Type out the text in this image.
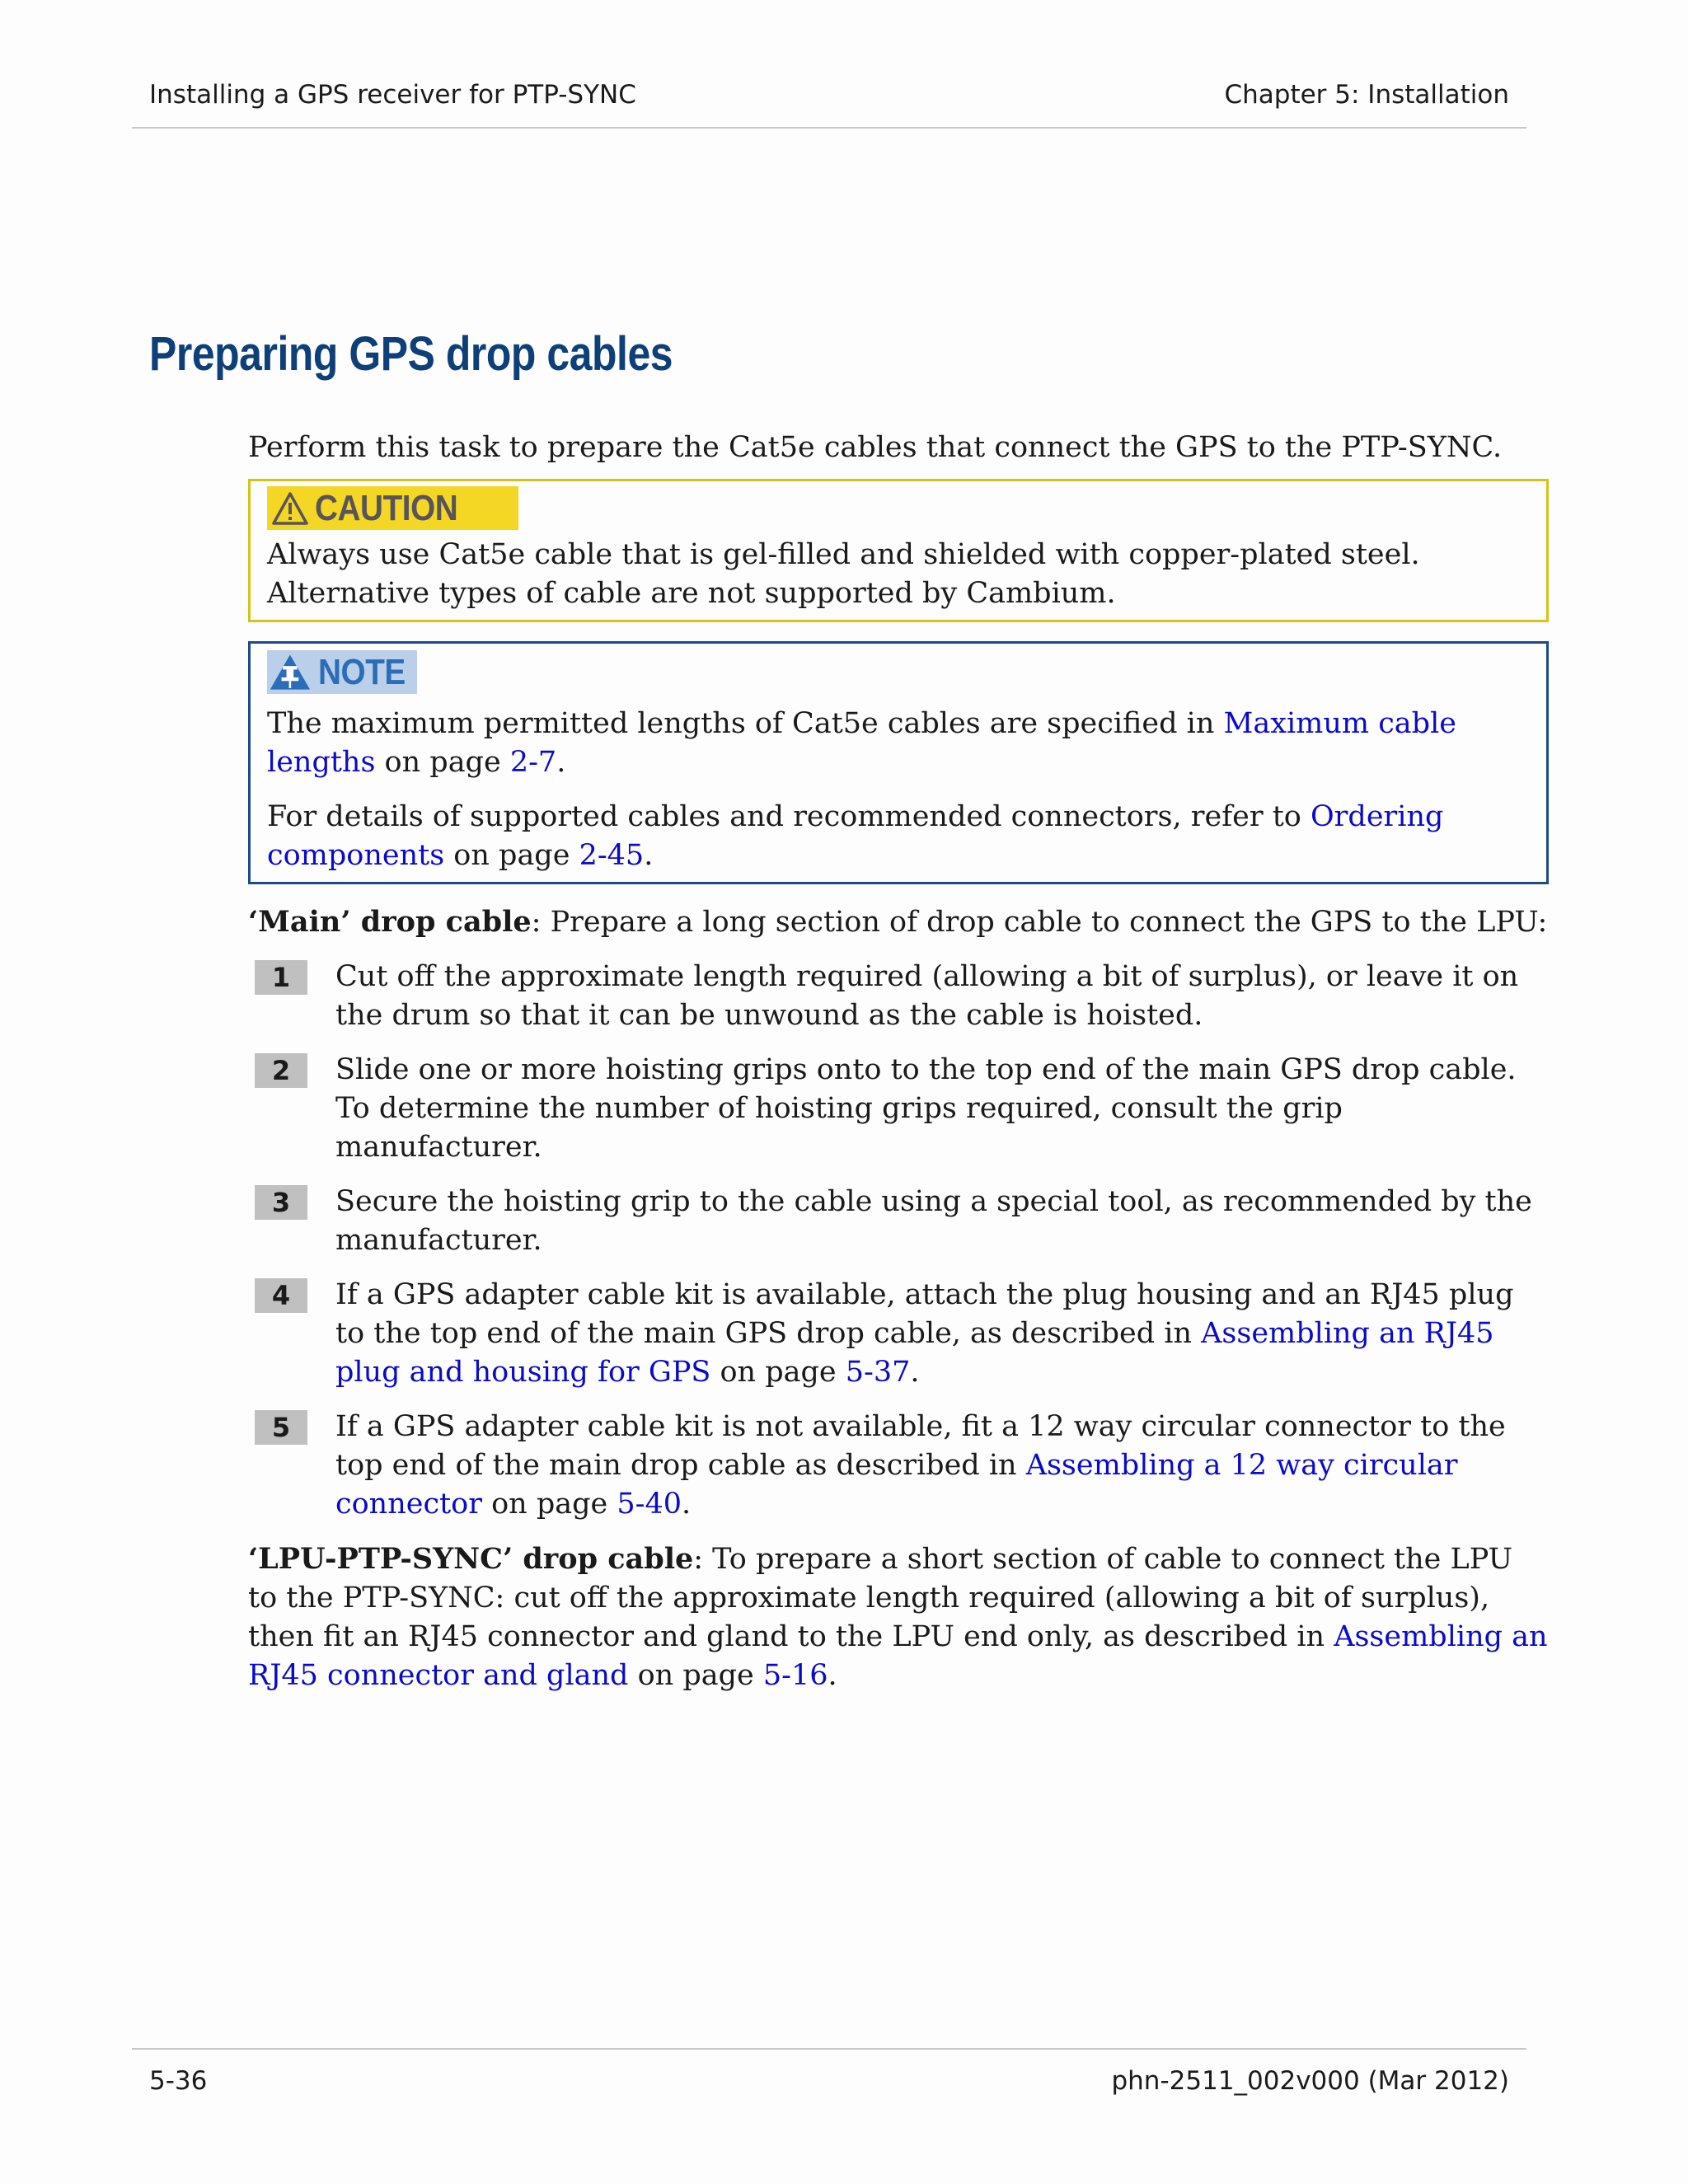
Installing a GPS receiver for PTP-SYNC	Chapter 5: Installation
Preparing GPS drop cables

Perform this task to prepare the Cat5e cables that connect the GPS to the PTP-SYNC.

CAUTION

Always use Cat5e cable that is gel-filled and shielded with copper-plated steel. Alternative types of cable are not supported by Cambium.

NOTE

The maximum permitted lengths of Cat5e cables are specified in Maximum cable lengths on page 2-7.

For details of supported cables and recommended connectors, refer to Ordering components on page 2-45.

‘Main’ drop cable: Prepare a long section of drop cable to connect the GPS to the LPU:

1	Cut off the approximate length required (allowing a bit of surplus), or leave it on the drum so that it can be unwound as the cable is hoisted.
2	Slide one or more hoisting grips onto to the top end of the main GPS drop cable. To determine the number of hoisting grips required, consult the grip manufacturer.
3	Secure the hoisting grip to the cable using a special tool, as recommended by the manufacturer.
4	If a GPS adapter cable kit is available, attach the plug housing and an RJ45 plug to the top end of the main GPS drop cable, as described in Assembling an RJ45 plug and housing for GPS on page 5-37.
5	If a GPS adapter cable kit is not available, fit a 12 way circular connector to the top end of the main drop cable as described in Assembling a 12 way circular connector on page 5-40.

‘LPU-PTP-SYNC’ drop cable: To prepare a short section of cable to connect the LPU to the PTP-SYNC: cut off the approximate length required (allowing a bit of surplus), then fit an RJ45 connector and gland to the LPU end only, as described in Assembling an RJ45 connector and gland on page 5-16.

5-36	phn-2511_002v000 (Mar 2012)
